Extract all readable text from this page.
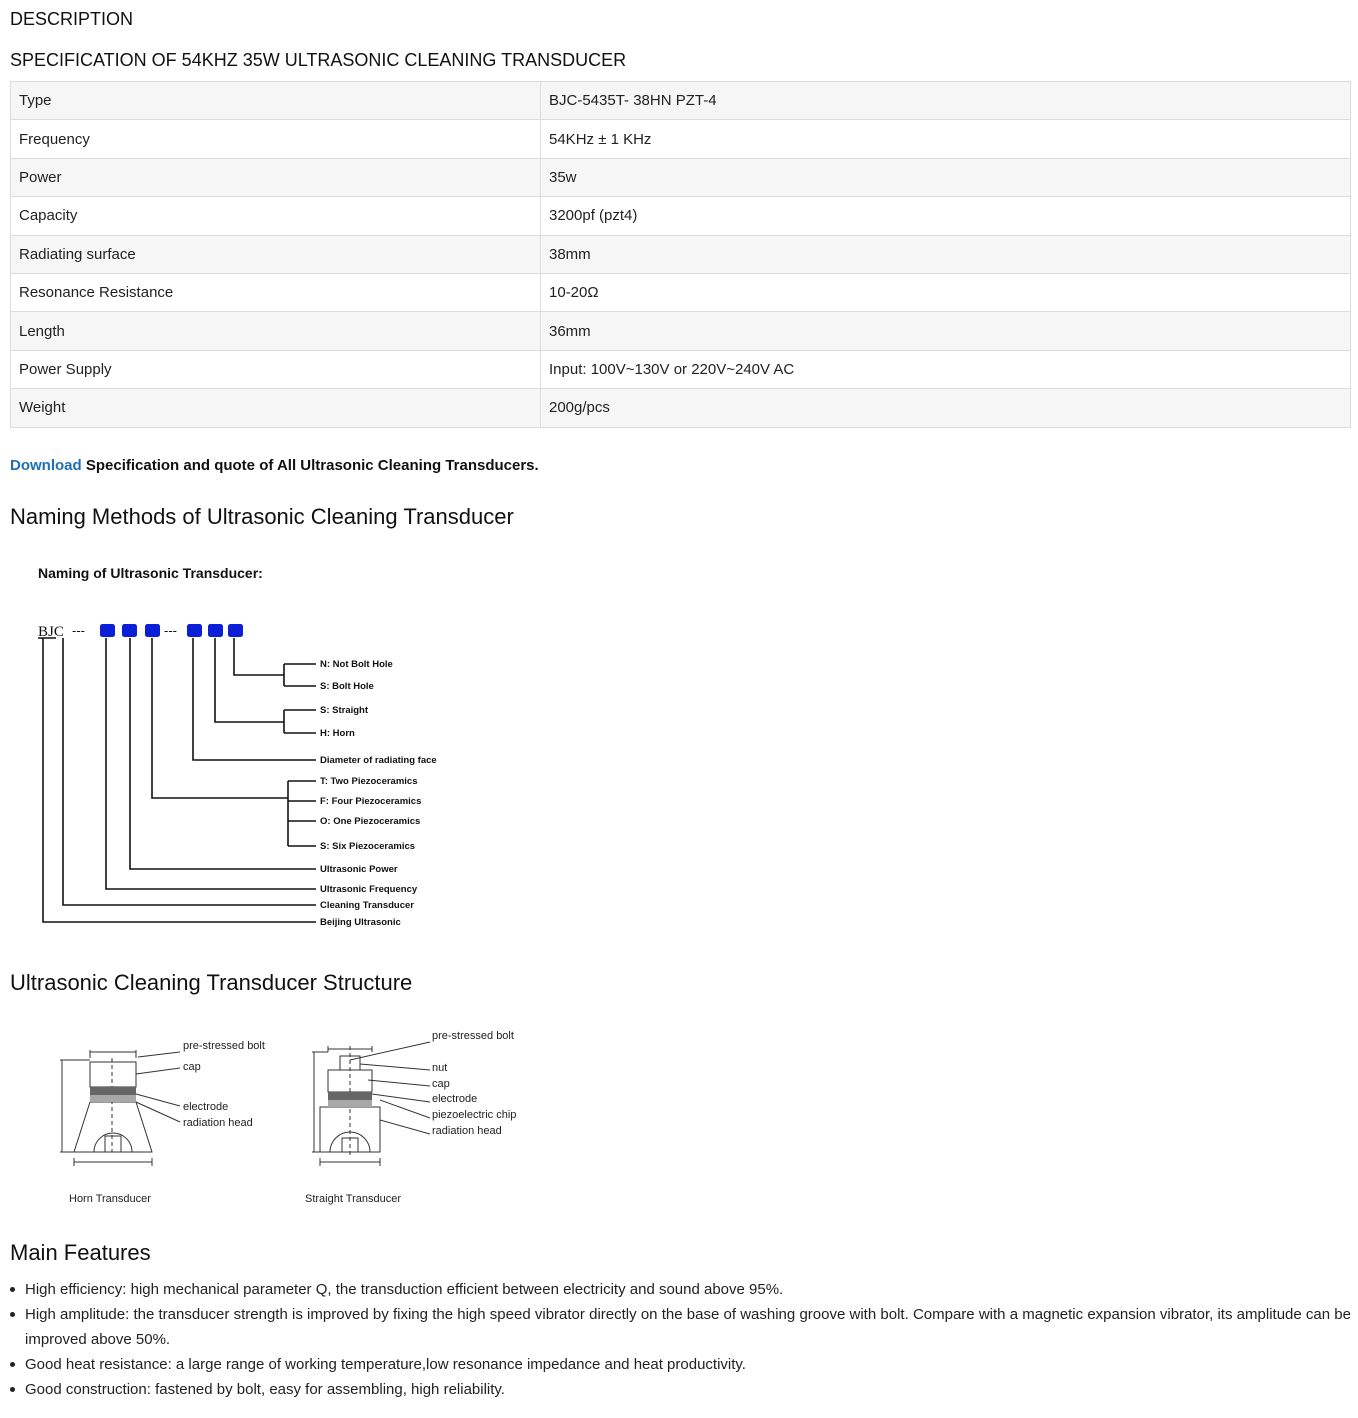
DESCRIPTION
SPECIFICATION OF 54KHZ 35W ULTRASONIC CLEANING TRANSDUCER
Type	BJC-5435T- 38HN PZT-4
Frequency	54KHz ± 1 KHz
Power	35w
Capacity	3200pf (pzt4)
Radiating surface	38mm
Resonance Resistance	10-20Ω
Length	36mm
Power Supply	Input: 100V~130V or 220V~240V AC
Weight	200g/pcs
Download Specification and quote of All Ultrasonic Cleaning Transducers.
Naming Methods of Ultrasonic Cleaning Transducer
Naming of Ultrasonic Transducer:
BJC ---	---
N: Not Bolt Hole
S: Bolt Hole
S: Straight
H: Horn
Diameter of radiating face
T: Two Piezoceramics
F: Four Piezoceramics
O: One Piezoceramics
S: Six Piezoceramics
Ultrasonic Power
Ultrasonic Frequency
Cleaning Transducer
Beijing Ultrasonic
Ultrasonic Cleaning Transducer Structure
pre-stressed bolt
cap
electrode
radiation head
Horn Transducer
pre-stressed bolt
nut
cap
electrode
piezoelectric chip
radiation head
Straight Transducer
Main Features
High efficiency: high mechanical parameter Q, the transduction efficient between electricity and sound above 95%.
High amplitude: the transducer strength is improved by fixing the high speed vibrator directly on the base of washing groove with bolt. Compare with a magnetic expansion vibrator, its amplitude can be improved above 50%.
Good heat resistance: a large range of working temperature,low resonance impedance and heat productivity.
Good construction: fastened by bolt, easy for assembling, high reliability.
